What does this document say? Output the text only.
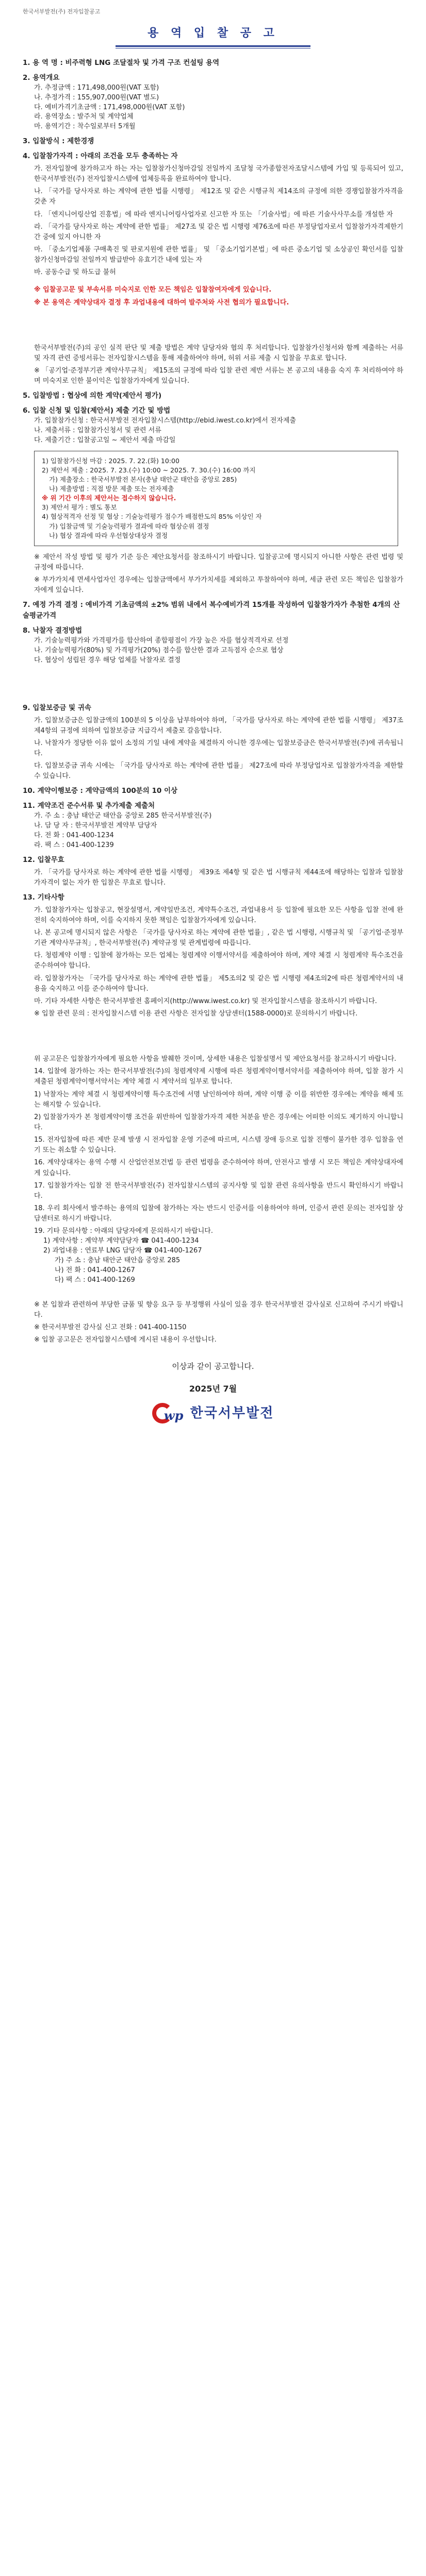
한국서부발전(주) 전자입찰공고
용 역 입 찰 공 고
1. 용 역 명 : 비주력형 LNG 조달절차 및 가격 구조 컨설팅 용역
2. 용역개요
가. 추정금액 : 171,498,000원(VAT 포함)
나. 추정가격 : 155,907,000원(VAT 별도)
다. 예비가격기초금액 : 171,498,000원(VAT 포함)
라. 용역장소 : 발주처 및 계약업체
마. 용역기간 : 착수일로부터 5개월
3. 입찰방식 : 제한경쟁
4. 입찰참가자격 : 아래의 조건을 모두 충족하는 자
가. 전자입찰에 참가하고자 하는 자는 입찰참가신청마감일 전일까지 조달청 국가종합전자조달시스템에 가입 및 등록되어 있고, 한국서부발전(주) 전자입찰시스템에 업체등록을 완료하여야 합니다.
나. 「국가를 당사자로 하는 계약에 관한 법률 시행령」 제12조 및 같은 시행규칙 제14조의 규정에 의한 경쟁입찰참가자격을 갖춘 자
다. 「엔지니어링산업 진흥법」에 따라 엔지니어링사업자로 신고한 자 또는 「기술사법」에 따른 기술사사무소를 개설한 자
라. 「국가를 당사자로 하는 계약에 관한 법률」 제27조 및 같은 법 시행령 제76조에 따른 부정당업자로서 입찰참가자격제한기간 중에 있지 아니한 자
마. 「중소기업제품 구매촉진 및 판로지원에 관한 법률」 및 「중소기업기본법」에 따른 중소기업 및 소상공인 확인서를 입찰참가신청마감일 전일까지 발급받아 유효기간 내에 있는 자
바. 공동수급 및 하도급 불허
※ 입찰공고문 및 부속서류 미숙지로 인한 모든 책임은 입찰참여자에게 있습니다.
※ 본 용역은 계약상대자 결정 후 과업내용에 대하여 발주처와 사전 협의가 필요합니다.
한국서부발전(주)의 공인 실적 판단 및 제출 방법은 계약 담당자와 협의 후 처리합니다. 입찰참가신청서와 함께 제출하는 서류 및 자격 관련 증빙서류는 전자입찰시스템을 통해 제출하여야 하며, 허위 서류 제출 시 입찰을 무효로 합니다.
※ 「공기업·준정부기관 계약사무규칙」 제15조의 규정에 따라 입찰 관련 제반 서류는 본 공고의 내용을 숙지 후 처리하여야 하며 미숙지로 인한 불이익은 입찰참가자에게 있습니다.
5. 입찰방법 : 협상에 의한 계약(제안서 평가)
6. 입찰 신청 및 입찰(제안서) 제출 기간 및 방법
가. 입찰참가신청 : 한국서부발전 전자입찰시스템(http://ebid.iwest.co.kr)에서 전자제출
나. 제출서류 : 입찰참가신청서 및 관련 서류
다. 제출기간 : 입찰공고일 ~ 제안서 제출 마감일
1) 입찰참가신청 마감 : 2025. 7. 22.(화) 10:00
2) 제안서 제출 : 2025. 7. 23.(수) 10:00 ~ 2025. 7. 30.(수) 16:00 까지
가) 제출장소 : 한국서부발전 본사(충남 태안군 태안읍 중앙로 285)
나) 제출방법 : 직접 방문 제출 또는 전자제출
※ 위 기간 이후의 제안서는 접수하지 않습니다.
3) 제안서 평가 : 별도 통보
4) 협상적격자 선정 및 협상 : 기술능력평가 점수가 배점한도의 85% 이상인 자
가) 입찰금액 및 기술능력평가 결과에 따라 협상순위 결정
나) 협상 결과에 따라 우선협상대상자 결정
※ 제안서 작성 방법 및 평가 기준 등은 제안요청서를 참조하시기 바랍니다. 입찰공고에 명시되지 아니한 사항은 관련 법령 및 규정에 따릅니다.
※ 부가가치세 면세사업자인 경우에는 입찰금액에서 부가가치세를 제외하고 투찰하여야 하며, 세금 관련 모든 책임은 입찰참가자에게 있습니다.
7. 예정 가격 결정 : 예비가격 기초금액의 ±2% 범위 내에서 복수예비가격 15개를 작성하여 입찰참가자가 추첨한 4개의 산술평균가격
8. 낙찰자 결정방법
가. 기술능력평가와 가격평가를 합산하여 종합평점이 가장 높은 자를 협상적격자로 선정
나. 기술능력평가(80%) 및 가격평가(20%) 점수를 합산한 결과 고득점자 순으로 협상
다. 협상이 성립된 경우 해당 업체를 낙찰자로 결정
9. 입찰보증금 및 귀속
가. 입찰보증금은 입찰금액의 100분의 5 이상을 납부하여야 하며, 「국가를 당사자로 하는 계약에 관한 법률 시행령」 제37조 제4항의 규정에 의하여 입찰보증금 지급각서 제출로 갈음합니다.
나. 낙찰자가 정당한 이유 없이 소정의 기일 내에 계약을 체결하지 아니한 경우에는 입찰보증금은 한국서부발전(주)에 귀속됩니다.
다. 입찰보증금 귀속 시에는 「국가를 당사자로 하는 계약에 관한 법률」 제27조에 따라 부정당업자로 입찰참가자격을 제한할 수 있습니다.
10. 계약이행보증 : 계약금액의 100분의 10 이상
11. 계약조건 준수서류 및 추가제출 제출처
가. 주 소 : 충남 태안군 태안읍 중앙로 285 한국서부발전(주)
나. 담 당 자 : 한국서부발전 계약부 담당자
다. 전 화 : 041-400-1234
라. 팩 스 : 041-400-1239
12. 입찰무효
가. 「국가를 당사자로 하는 계약에 관한 법률 시행령」 제39조 제4항 및 같은 법 시행규칙 제44조에 해당하는 입찰과 입찰참가자격이 없는 자가 한 입찰은 무효로 합니다.
13. 기타사항
가. 입찰참가자는 입찰공고, 현장설명서, 계약일반조건, 계약특수조건, 과업내용서 등 입찰에 필요한 모든 사항을 입찰 전에 완전히 숙지하여야 하며, 이를 숙지하지 못한 책임은 입찰참가자에게 있습니다.
나. 본 공고에 명시되지 않은 사항은 「국가를 당사자로 하는 계약에 관한 법률」, 같은 법 시행령, 시행규칙 및 「공기업·준정부기관 계약사무규칙」, 한국서부발전(주) 계약규정 및 관계법령에 따릅니다.
다. 청렴계약 이행 : 입찰에 참가하는 모든 업체는 청렴계약 이행서약서를 제출하여야 하며, 계약 체결 시 청렴계약 특수조건을 준수하여야 합니다.
라. 입찰참가자는 「국가를 당사자로 하는 계약에 관한 법률」 제5조의2 및 같은 법 시행령 제4조의2에 따른 청렴계약서의 내용을 숙지하고 이를 준수하여야 합니다.
마. 기타 자세한 사항은 한국서부발전 홈페이지(http://www.iwest.co.kr) 및 전자입찰시스템을 참조하시기 바랍니다.
※ 입찰 관련 문의 : 전자입찰시스템 이용 관련 사항은 전자입찰 상담센터(1588-0000)로 문의하시기 바랍니다.
위 공고문은 입찰참가자에게 필요한 사항을 발췌한 것이며, 상세한 내용은 입찰설명서 및 제안요청서를 참고하시기 바랍니다.
14. 입찰에 참가하는 자는 한국서부발전(주)의 청렴계약제 시행에 따른 청렴계약이행서약서를 제출하여야 하며, 입찰 참가 시 제출된 청렴계약이행서약서는 계약 체결 시 계약서의 일부로 합니다.
1) 낙찰자는 계약 체결 시 청렴계약이행 특수조건에 서명 날인하여야 하며, 계약 이행 중 이를 위반한 경우에는 계약을 해제 또는 해지할 수 있습니다.
2) 입찰참가자가 본 청렴계약이행 조건을 위반하여 입찰참가자격 제한 처분을 받은 경우에는 어떠한 이의도 제기하지 아니합니다.
15. 전자입찰에 따른 제반 문제 발생 시 전자입찰 운영 기준에 따르며, 시스템 장애 등으로 입찰 진행이 불가한 경우 입찰을 연기 또는 취소할 수 있습니다.
16. 계약상대자는 용역 수행 시 산업안전보건법 등 관련 법령을 준수하여야 하며, 안전사고 발생 시 모든 책임은 계약상대자에게 있습니다.
17. 입찰참가자는 입찰 전 한국서부발전(주) 전자입찰시스템의 공지사항 및 입찰 관련 유의사항을 반드시 확인하시기 바랍니다.
18. 우리 회사에서 발주하는 용역의 입찰에 참가하는 자는 반드시 인증서를 이용하여야 하며, 인증서 관련 문의는 전자입찰 상담센터로 하시기 바랍니다.
19. 기타 문의사항 : 아래의 담당자에게 문의하시기 바랍니다.
1) 계약사항 : 계약부 계약담당자 ☎ 041-400-1234
2) 과업내용 : 연료부 LNG 담당자 ☎ 041-400-1267
가) 주 소 : 충남 태안군 태안읍 중앙로 285
나) 전 화 : 041-400-1267
다) 팩 스 : 041-400-1269
※ 본 입찰과 관련하여 부당한 금품 및 향응 요구 등 부정행위 사실이 있을 경우 한국서부발전 감사실로 신고하여 주시기 바랍니다.
※ 한국서부발전 감사실 신고 전화 : 041-400-1150
※ 입찰 공고문은 전자입찰시스템에 게시된 내용이 우선합니다.
이상과 같이 공고합니다.
2025년 7월
wp 한국서부발전
